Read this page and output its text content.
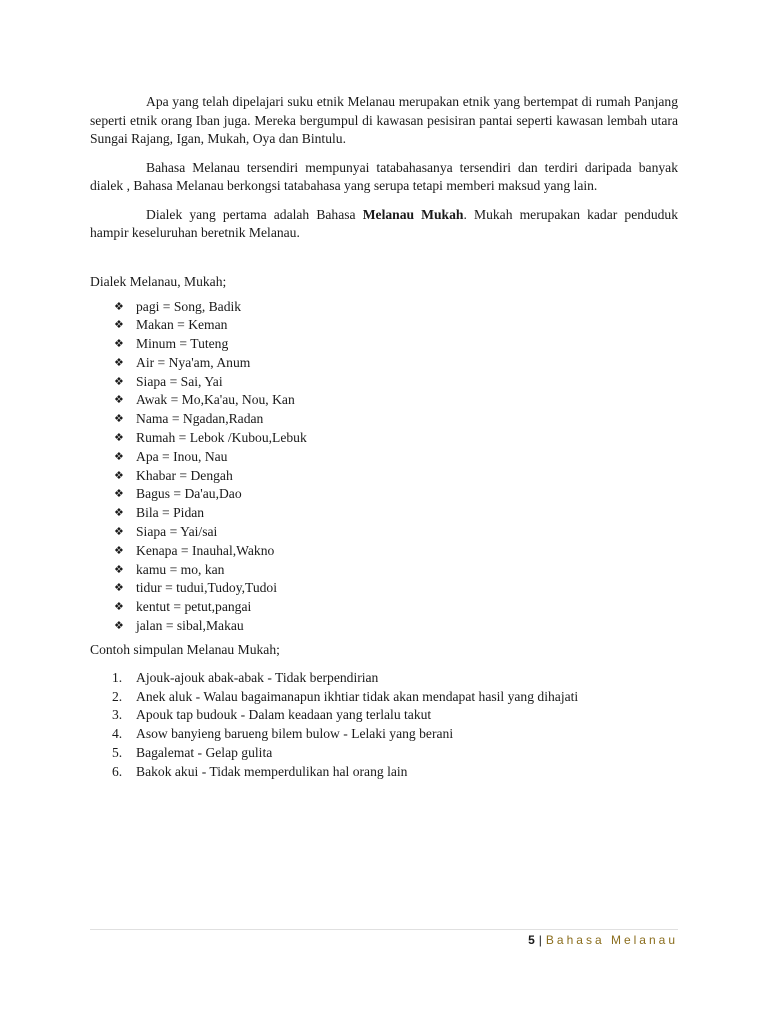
Apa yang telah dipelajari suku etnik Melanau merupakan etnik yang bertempat di rumah Panjang seperti etnik orang Iban juga. Mereka bergumpul di kawasan pesisiran pantai seperti kawasan lembah utara Sungai Rajang, Igan, Mukah, Oya dan Bintulu.

Bahasa Melanau tersendiri mempunyai tatabahasanya tersendiri dan terdiri daripada banyak dialek , Bahasa Melanau berkongsi tatabahasa yang serupa tetapi memberi maksud yang lain.

Dialek yang pertama adalah Bahasa Melanau Mukah. Mukah merupakan kadar penduduk hampir keseluruhan beretnik Melanau.

Dialek Melanau, Mukah;
❖ pagi = Song, Badik
❖ Makan = Keman
❖ Minum = Tuteng
❖ Air = Nya'am, Anum
❖ Siapa = Sai, Yai
❖ Awak = Mo,Ka'au, Nou, Kan
❖ Nama = Ngadan,Radan
❖ Rumah = Lebok /Kubou,Lebuk
❖ Apa = Inou, Nau
❖ Khabar = Dengah
❖ Bagus = Da'au,Dao
❖ Bila = Pidan
❖ Siapa = Yai/sai
❖ Kenapa = Inauhal,Wakno
❖ kamu = mo, kan
❖ tidur = tudui,Tudoy,Tudoi
❖ kentut = petut,pangai
❖ jalan = sibal,Makau
Contoh simpulan Melanau Mukah;
1. Ajouk-ajouk abak-abak - Tidak berpendirian
2. Anek aluk - Walau bagaimanapun ikhtiar tidak akan mendapat hasil yang dihajati
3. Apouk tap budouk - Dalam keadaan yang terlalu takut
4. Asow banyieng barueng bilem bulow - Lelaki yang berani
5. Bagalemat - Gelap gulita
6. Bakok akui - Tidak memperdulikan hal orang lain
5 | Bahasa Melanau
